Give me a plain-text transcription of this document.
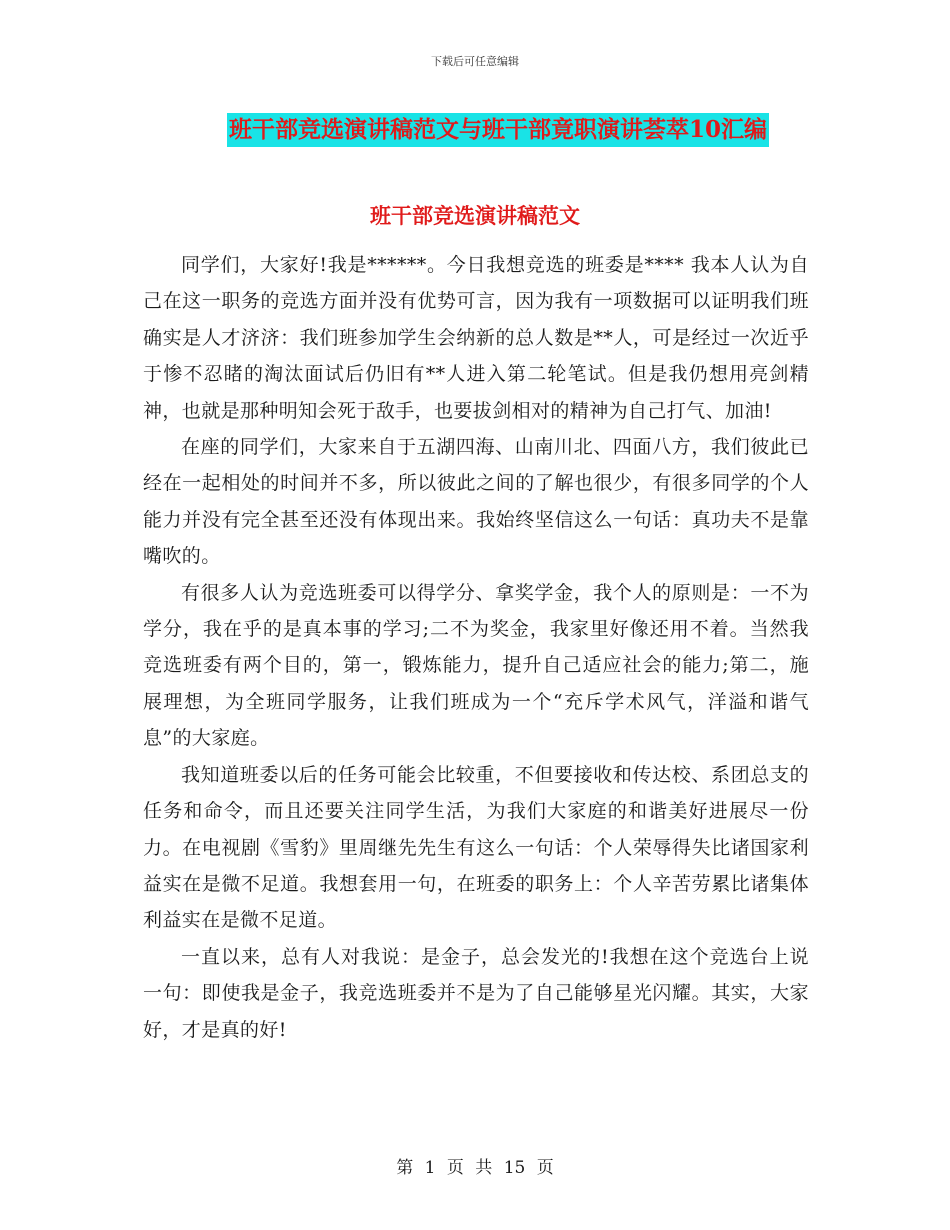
下载后可任意编辑
班干部竞选演讲稿范文与班干部竟职演讲荟萃10汇编
班干部竞选演讲稿范文

同学们，大家好!我是******。今日我想竞选的班委是**** 我本人认为自己在这一职务的竞选方面并没有优势可言，因为我有一项数据可以证明我们班确实是人才济济：我们班参加学生会纳新的总人数是**人，可是经过一次近乎于惨不忍睹的淘汰面试后仍旧有**人进入第二轮笔试。但是我仍想用亮剑精神，也就是那种明知会死于敌手，也要拔剑相对的精神为自己打气、加油!

在座的同学们，大家来自于五湖四海、山南川北、四面八方，我们彼此已经在一起相处的时间并不多，所以彼此之间的了解也很少，有很多同学的个人能力并没有完全甚至还没有体现出来。我始终坚信这么一句话：真功夫不是靠嘴吹的。

有很多人认为竞选班委可以得学分、拿奖学金，我个人的原则是：一不为学分，我在乎的是真本事的学习;二不为奖金，我家里好像还用不着。当然我竞选班委有两个目的，第一，锻炼能力，提升自己适应社会的能力;第二，施展理想，为全班同学服务，让我们班成为一个“充斥学术风气，洋溢和谐气息”的大家庭。

我知道班委以后的任务可能会比较重，不但要接收和传达校、系团总支的任务和命令，而且还要关注同学生活，为我们大家庭的和谐美好进展尽一份力。在电视剧《雪豹》里周继先先生有这么一句话：个人荣辱得失比诸国家利益实在是微不足道。我想套用一句，在班委的职务上：个人辛苦劳累比诸集体利益实在是微不足道。

一直以来，总有人对我说：是金子，总会发光的!我想在这个竞选台上说一句：即使我是金子，我竞选班委并不是为了自己能够星光闪耀。其实，大家好，才是真的好!

第 1 页 共 15 页
